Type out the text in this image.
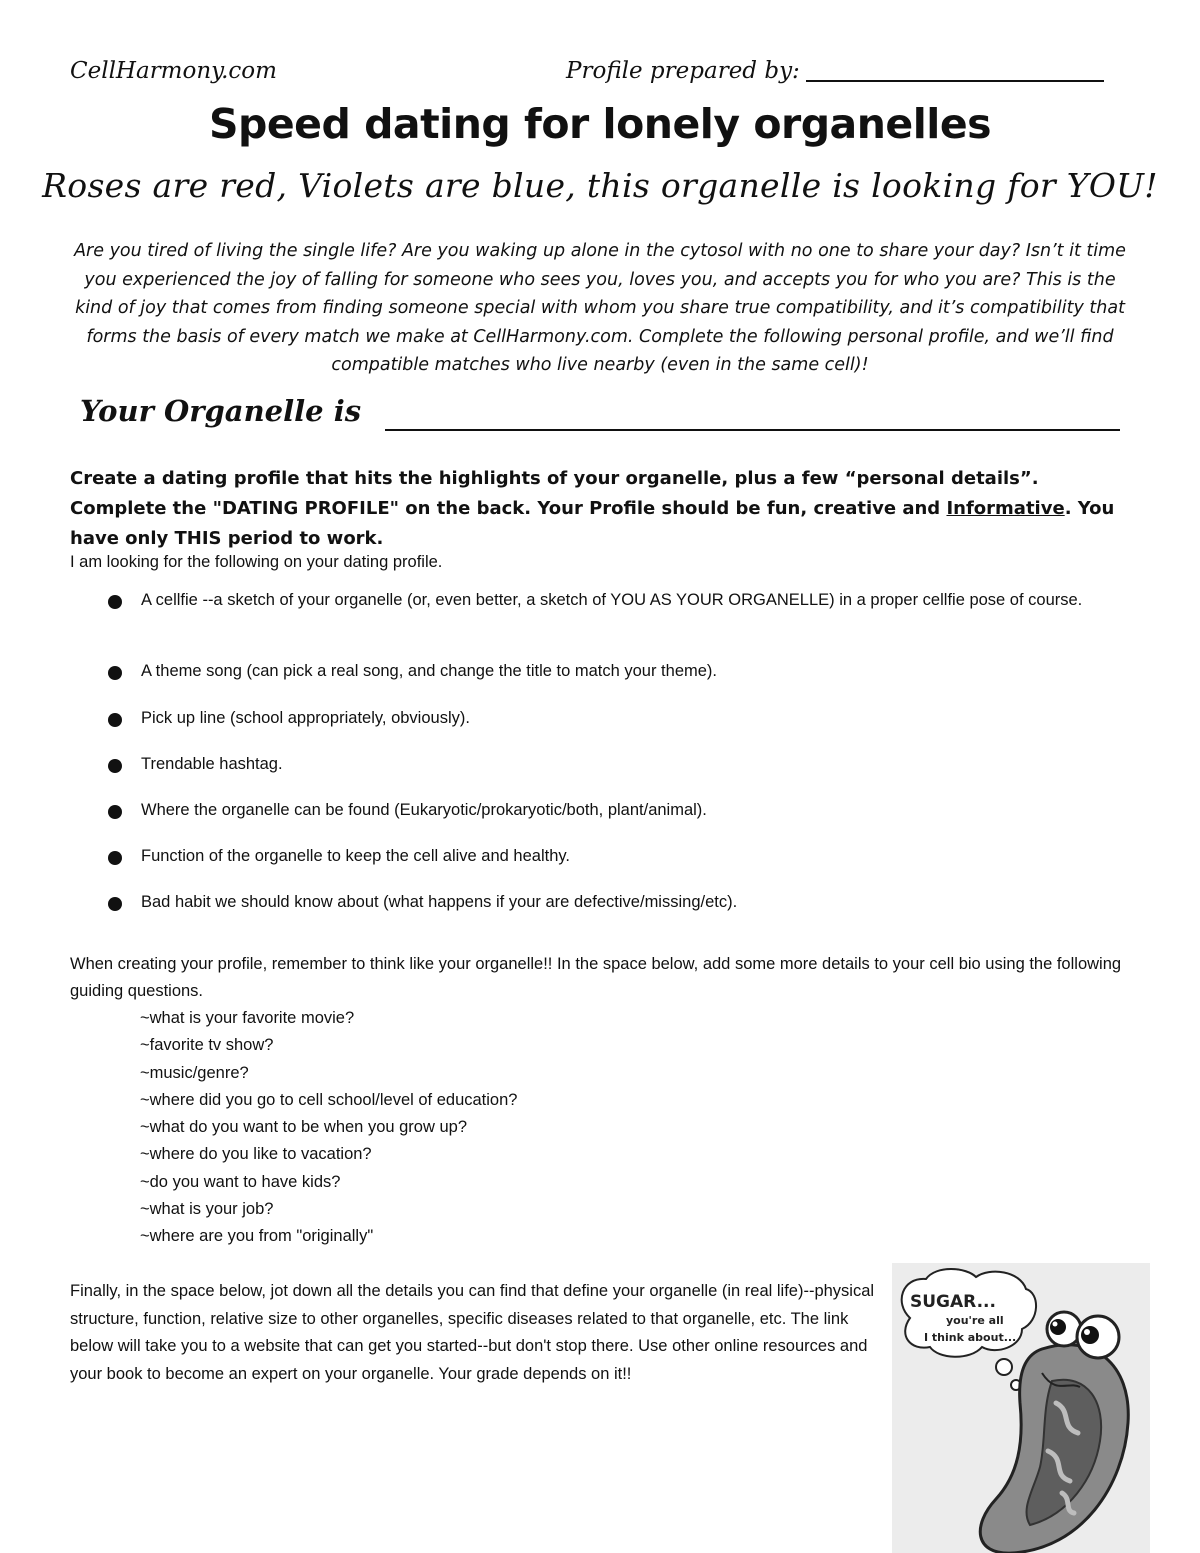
CellHarmony.com	Profile prepared by:
Speed dating for lonely organelles
Roses are red, Violets are blue, this organelle is looking for YOU!
Are you tired of living the single life? Are you waking up alone in the cytosol with no one to share your day? Isn’t it time you experienced the joy of falling for someone who sees you, loves you, and accepts you for who you are? This is the kind of joy that comes from finding someone special with whom you share true compatibility, and it’s compatibility that forms the basis of every match we make at CellHarmony.com. Complete the following personal profile, and we’ll find compatible matches who live nearby (even in the same cell)!
Your Organelle is
Create a dating profile that hits the highlights of your organelle, plus a few “personal details”. Complete the "DATING PROFILE" on the back. Your Profile should be fun, creative and Informative. You have only THIS period to work.
I am looking for the following on your dating profile.
A cellfie --a sketch of your organelle (or, even better, a sketch of YOU AS YOUR ORGANELLE) in a proper cellfie pose of course.
A theme song (can pick a real song, and change the title to match your theme).
Pick up line (school appropriately, obviously).
Trendable hashtag.
Where the organelle can be found (Eukaryotic/prokaryotic/both, plant/animal).
Function of the organelle to keep the cell alive and healthy.
Bad habit we should know about (what happens if your are defective/missing/etc).
When creating your profile, remember to think like your organelle!! In the space below, add some more details to your cell bio using the following guiding questions.
~what is your favorite movie?
~favorite tv show?
~music/genre?
~where did you go to cell school/level of education?
~what do you want to be when you grow up?
~where do you like to vacation?
~do you want to have kids?
~what is your job?
~where are you from "originally"
Finally, in the space below, jot down all the details you can find that define your organelle (in real life)--physical structure, function, relative size to other organelles, specific diseases related to that organelle, etc. The link below will take you to a website that can get you started--but don't stop there. Use other online resources and your book to become an expert on your organelle. Your grade depends on it!!
SUGAR...
you're all
I think about...
